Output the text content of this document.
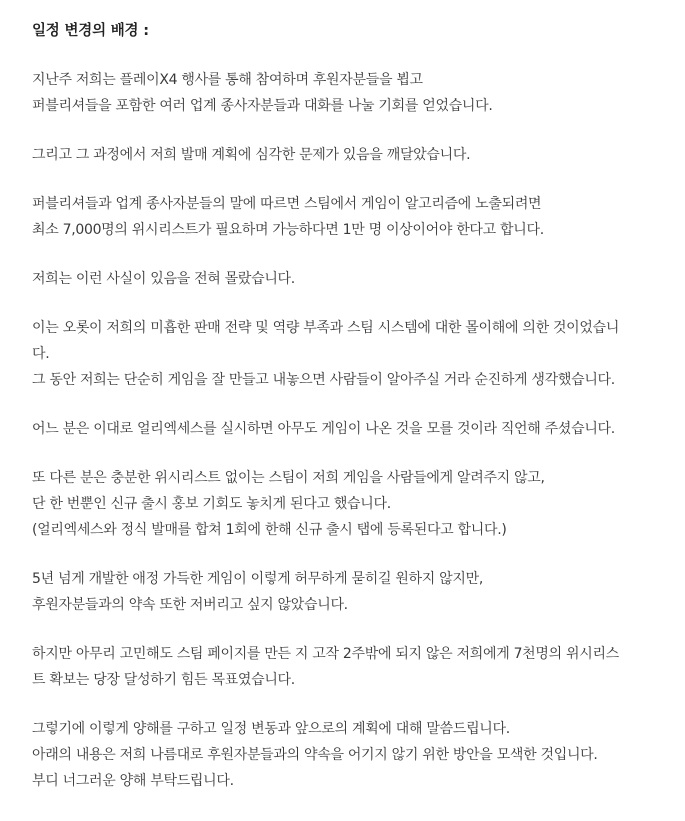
일정 변경의 배경 :
지난주 저희는 플레이X4 행사를 통해 참여하며 후원자분들을 뵙고
퍼블리셔들을 포함한 여러 업계 종사자분들과 대화를 나눌 기회를 얻었습니다.
그리고 그 과정에서 저희 발매 계획에 심각한 문제가 있음을 깨달았습니다.
퍼블리셔들과 업계 종사자분들의 말에 따르면 스팀에서 게임이 알고리즘에 노출되려면
최소 7,000명의 위시리스트가 필요하며 가능하다면 1만 명 이상이어야 한다고 합니다.
저희는 이런 사실이 있음을 전혀 몰랐습니다.
이는 오롯이 저희의 미흡한 판매 전략 및 역량 부족과 스팀 시스템에 대한 몰이해에 의한 것이었습니
다.
그 동안 저희는 단순히 게임을 잘 만들고 내놓으면 사람들이 알아주실 거라 순진하게 생각했습니다.
어느 분은 이대로 얼리엑세스를 실시하면 아무도 게임이 나온 것을 모를 것이라 직언해 주셨습니다.
또 다른 분은 충분한 위시리스트 없이는 스팀이 저희 게임을 사람들에게 알려주지 않고,
단 한 번뿐인 신규 출시 홍보 기회도 놓치게 된다고 했습니다.
(얼리엑세스와 정식 발매를 합쳐 1회에 한해 신규 출시 탭에 등록된다고 합니다.)
5년 넘게 개발한 애정 가득한 게임이 이렇게 허무하게 묻히길 원하지 않지만,
후원자분들과의 약속 또한 저버리고 싶지 않았습니다.
하지만 아무리 고민해도 스팀 페이지를 만든 지 고작 2주밖에 되지 않은 저희에게 7천명의 위시리스
트 확보는 당장 달성하기 힘든 목표였습니다.
그렇기에 이렇게 양해를 구하고 일정 변동과 앞으로의 계획에 대해 말씀드립니다.
아래의 내용은 저희 나름대로 후원자분들과의 약속을 어기지 않기 위한 방안을 모색한 것입니다.
부디 너그러운 양해 부탁드립니다.
